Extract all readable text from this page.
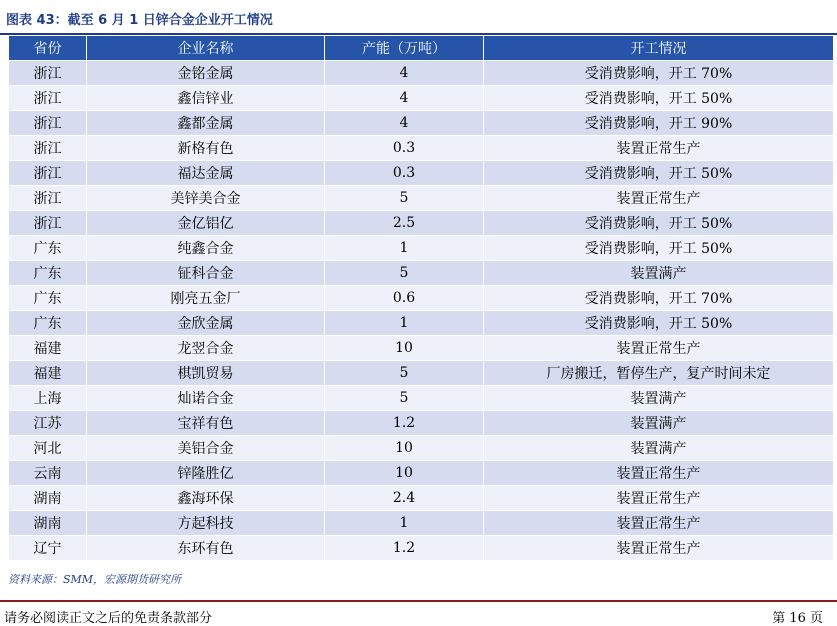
图表 43：截至 6 月 1 日锌合金企业开工情况
省份	企业名称	产能（万吨）	开工情况
浙江	金铭金属	4	受消费影响，开工 70%
浙江	鑫信锌业	4	受消费影响，开工 50%
浙江	鑫都金属	4	受消费影响，开工 90%
浙江	新格有色	0.3	装置正常生产
浙江	福达金属	0.3	受消费影响，开工 50%
浙江	美锌美合金	5	装置正常生产
浙江	金亿铝亿	2.5	受消费影响，开工 50%
广东	纯鑫合金	1	受消费影响，开工 50%
广东	钲科合金	5	装置满产
广东	刚亮五金厂	0.6	受消费影响，开工 70%
广东	金欣金属	1	受消费影响，开工 50%
福建	龙翌合金	10	装置正常生产
福建	棋凯贸易	5	厂房搬迁，暂停生产，复产时间未定
上海	灿诺合金	5	装置满产
江苏	宝祥有色	1.2	装置满产
河北	美铝合金	10	装置满产
云南	锌隆胜亿	10	装置正常生产
湖南	鑫海环保	2.4	装置正常生产
湖南	方起科技	1	装置正常生产
辽宁	东环有色	1.2	装置正常生产
资料来源：SMM，宏源期货研究所
请务必阅读正文之后的免责条款部分	第 16 页
